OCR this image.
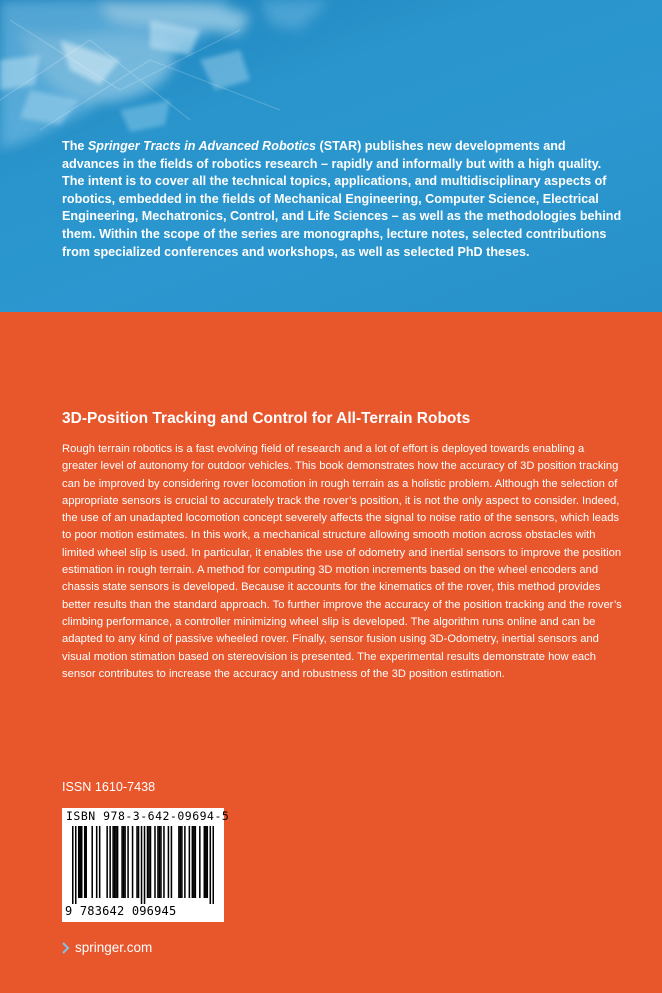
The Springer Tracts in Advanced Robotics (STAR) publishes new developments and advances in the fields of robotics research – rapidly and informally but with a high quality. The intent is to cover all the technical topics, applications, and multidisciplinary aspects of robotics, embedded in the fields of Mechanical Engineering, Computer Science, Electrical Engineering, Mechatronics, Control, and Life Sciences – as well as the methodologies behind them. Within the scope of the series are monographs, lecture notes, selected contributions from specialized conferences and workshops, as well as selected PhD theses.

3D-Position Tracking and Control for All-Terrain Robots

Rough terrain robotics is a fast evolving field of research and a lot of effort is deployed towards enabling a greater level of autonomy for outdoor vehicles. This book demonstrates how the accuracy of 3D position tracking can be improved by considering rover locomotion in rough terrain as a holistic problem. Although the selection of appropriate sensors is crucial to accurately track the rover’s position, it is not the only aspect to consider. Indeed, the use of an unadapted locomotion concept severely affects the signal to noise ratio of the sensors, which leads to poor motion estimates. In this work, a mechanical structure allowing smooth motion across obstacles with limited wheel slip is used. In particular, it enables the use of odometry and inertial sensors to improve the position estimation in rough terrain. A method for computing 3D motion increments based on the wheel encoders and chassis state sensors is developed. Because it accounts for the kinematics of the rover, this method provides better results than the standard approach. To further improve the accuracy of the position tracking and the rover’s climbing performance, a controller minimizing wheel slip is developed. The algorithm runs online and can be adapted to any kind of passive wheeled rover. Finally, sensor fusion using 3D-Odometry, inertial sensors and visual motion stimation based on stereovision is presented. The experimental results demonstrate how each sensor contributes to increase the accuracy and robustness of the 3D position estimation.

ISSN 1610-7438

ISBN 978-3-642-09694-5
9 783642 096945
springer.com
